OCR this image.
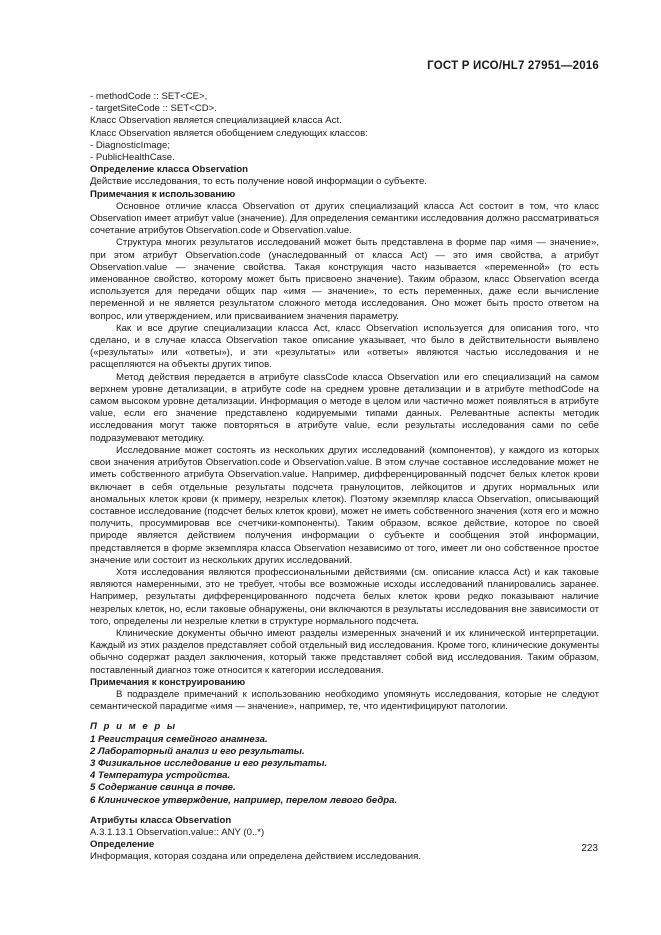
ГОСТ Р ИСО/HL7 27951—2016

- methodCode :: SET<CE>,

- targetSiteCode :: SET<CD>.

Класс Observation является специализацией класса Act.

Класс Observation является обобщением следующих классов:

- DiagnosticImage;

- PublicHealthCase.

Определение класса Observation

Действие исследования, то есть получение новой информации о субъекте.

Примечания к использованию

Основное отличие класса Observation от других специализаций класса Act состоит в том, что класс Observation имеет атрибут value (значение). Для определения семантики исследования должно рассматриваться сочетание атрибутов Observation.code и Observation.value.

Структура многих результатов исследований может быть представлена в форме пар «имя — значение», при этом атрибут Observation.code (унаследованный от класса Act) — это имя свойства, а атрибут Observation.value — значение свойства. Такая конструкция часто называется «переменной» (то есть именованное свойство, которому может быть присвоено значение). Таким образом, класс Observation всегда используется для передачи общих пар «имя — значение», то есть переменных, даже если вычисление переменной и не является результатом сложного метода исследования. Оно может быть просто ответом на вопрос, или утверждением, или присваиванием значения параметру.

Как и все другие специализации класса Act, класс Observation используется для описания того, что сделано, и в случае класса Observation такое описание указывает, что было в действительности выявлено («результаты» или «ответы»), и эти «результаты» или «ответы» являются частью исследования и не расщепляются на объекты других типов.

Метод действия передается в атрибуте classCode класса Observation или его специализаций на самом верхнем уровне детализации, в атрибуте code на среднем уровне детализации и в атрибуте methodCode на самом высоком уровне детализации. Информация о методе в целом или частично может появляться в атрибуте value, если его значение представлено кодируемыми типами данных. Релевантные аспекты методик исследования могут также повторяться в атрибуте value, если результаты исследования сами по себе подразумевают методику.

Исследование может состоять из нескольких других исследований (компонентов), у каждого из которых свои значения атрибутов Observation.code и Observation.value. В этом случае составное исследование может не иметь собственного атрибута Observation.value. Например, дифференцированный подсчет белых клеток крови включает в себя отдельные результаты подсчета гранулоцитов, лейкоцитов и других нормальных или аномальных клеток крови (к примеру, незрелых клеток). Поэтому экземпляр класса Observation, описывающий составное исследование (подсчет белых клеток крови), может не иметь собственного значения (хотя его и можно получить, просуммировав все счетчики-компоненты). Таким образом, всякое действие, которое по своей природе является действием получения информации о субъекте и сообщения этой информации, представляется в форме экземпляра класса Observation независимо от того, имеет ли оно собственное простое значение или состоит из нескольких других исследований.

Хотя исследования являются профессиональными действиями (см. описание класса Act) и как таковые являются намеренными, это не требует, чтобы все возможные исходы исследований планировались заранее. Например, результаты дифференцированного подсчета белых клеток крови редко показывают наличие незрелых клеток, но, если таковые обнаружены, они включаются в результаты исследования вне зависимости от того, определены ли незрелые клетки в структуре нормального подсчета.

Клинические документы обычно имеют разделы измеренных значений и их клинической интерпретации. Каждый из этих разделов представляет собой отдельный вид исследования. Кроме того, клинические документы обычно содержат раздел заключения, который также представляет собой вид исследования. Таким образом, поставленный диагноз тоже относится к категории исследования.

Примечания к конструированию

В подразделе примечаний к использованию необходимо упомянуть исследования, которые не следуют семантической парадигме «имя — значение», например, те, что идентифицируют патологии.

П р и м е р ы

1 Регистрация семейного анамнеза.

2 Лабораторный анализ и его результаты.

3 Физикальное исследование и его результаты.

4 Температура устройства.

5 Содержание свинца в почве.

6 Клиническое утверждение, например, перелом левого бедра.

Атрибуты класса Observation

A.3.1.13.1 Observation.value:: ANY (0..*)

Определение

Информация, которая создана или определена действием исследования.

223
